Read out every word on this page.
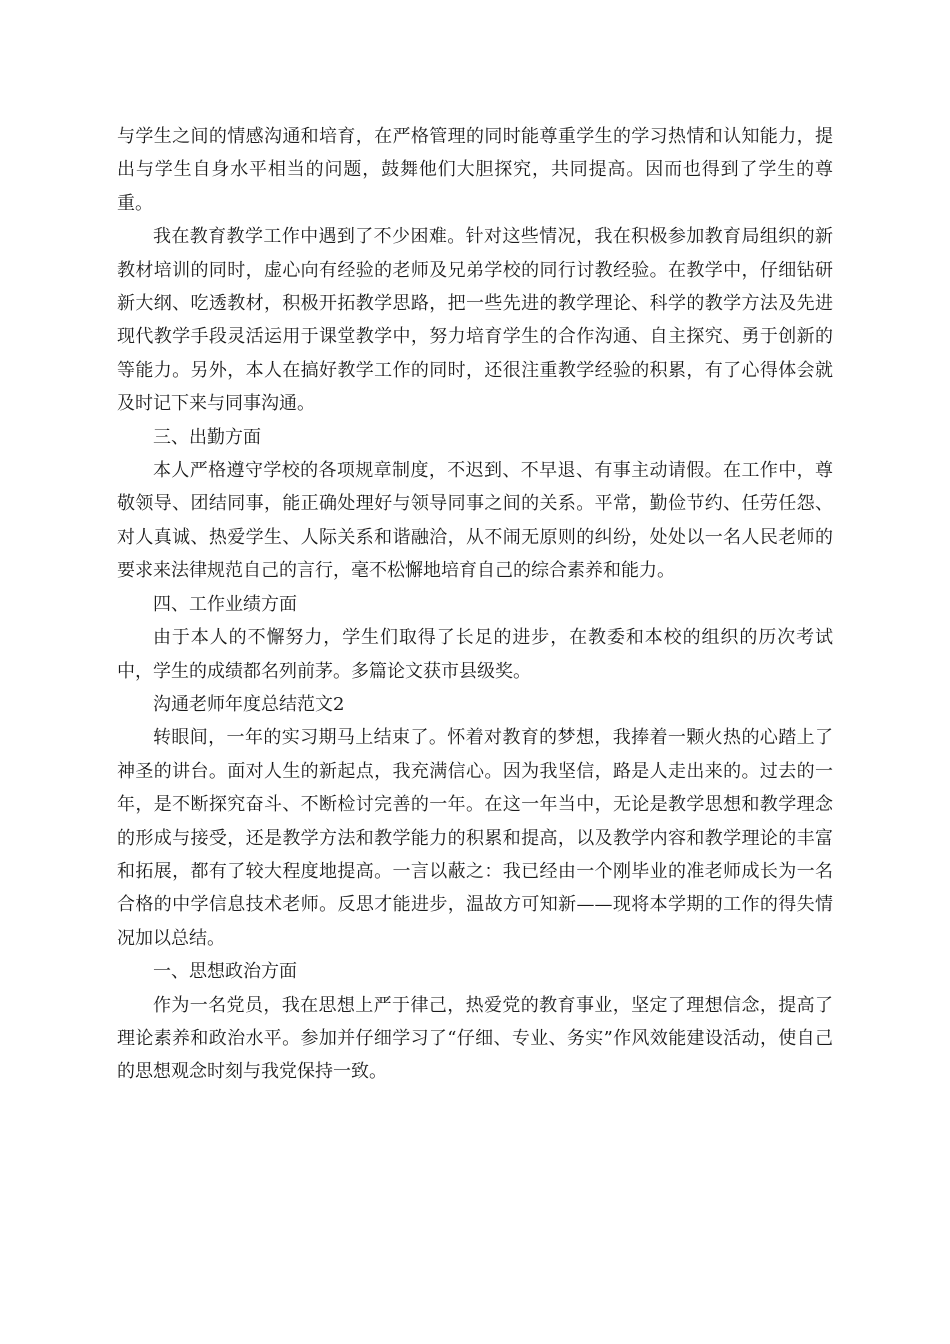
与学生之间的情感沟通和培育，在严格管理的同时能尊重学生的学习热情和认知能力，提出与学生自身水平相当的问题，鼓舞他们大胆探究，共同提高。因而也得到了学生的尊重。

我在教育教学工作中遇到了不少困难。针对这些情况，我在积极参加教育局组织的新教材培训的同时，虚心向有经验的老师及兄弟学校的同行讨教经验。在教学中，仔细钻研新大纲、吃透教材，积极开拓教学思路，把一些先进的教学理论、科学的教学方法及先进现代教学手段灵活运用于课堂教学中，努力培育学生的合作沟通、自主探究、勇于创新的等能力。另外，本人在搞好教学工作的同时，还很注重教学经验的积累，有了心得体会就及时记下来与同事沟通。

三、出勤方面

本人严格遵守学校的各项规章制度，不迟到、不早退、有事主动请假。在工作中，尊敬领导、团结同事，能正确处理好与领导同事之间的关系。平常，勤俭节约、任劳任怨、对人真诚、热爱学生、人际关系和谐融洽，从不闹无原则的纠纷，处处以一名人民老师的要求来法律规范自己的言行，毫不松懈地培育自己的综合素养和能力。

四、工作业绩方面

由于本人的不懈努力，学生们取得了长足的进步，在教委和本校的组织的历次考试中，学生的成绩都名列前茅。多篇论文获市县级奖。

沟通老师年度总结范文2

转眼间，一年的实习期马上结束了。怀着对教育的梦想，我捧着一颗火热的心踏上了神圣的讲台。面对人生的新起点，我充满信心。因为我坚信，路是人走出来的。过去的一年，是不断探究奋斗、不断检讨完善的一年。在这一年当中，无论是教学思想和教学理念的形成与接受，还是教学方法和教学能力的积累和提高，以及教学内容和教学理论的丰富和拓展，都有了较大程度地提高。一言以蔽之：我已经由一个刚毕业的准老师成长为一名合格的中学信息技术老师。反思才能进步，温故方可知新——现将本学期的工作的得失情况加以总结。

一、思想政治方面

作为一名党员，我在思想上严于律己，热爱党的教育事业，坚定了理想信念，提高了理论素养和政治水平。参加并仔细学习了“仔细、专业、务实”作风效能建设活动，使自己的思想观念时刻与我党保持一致。
